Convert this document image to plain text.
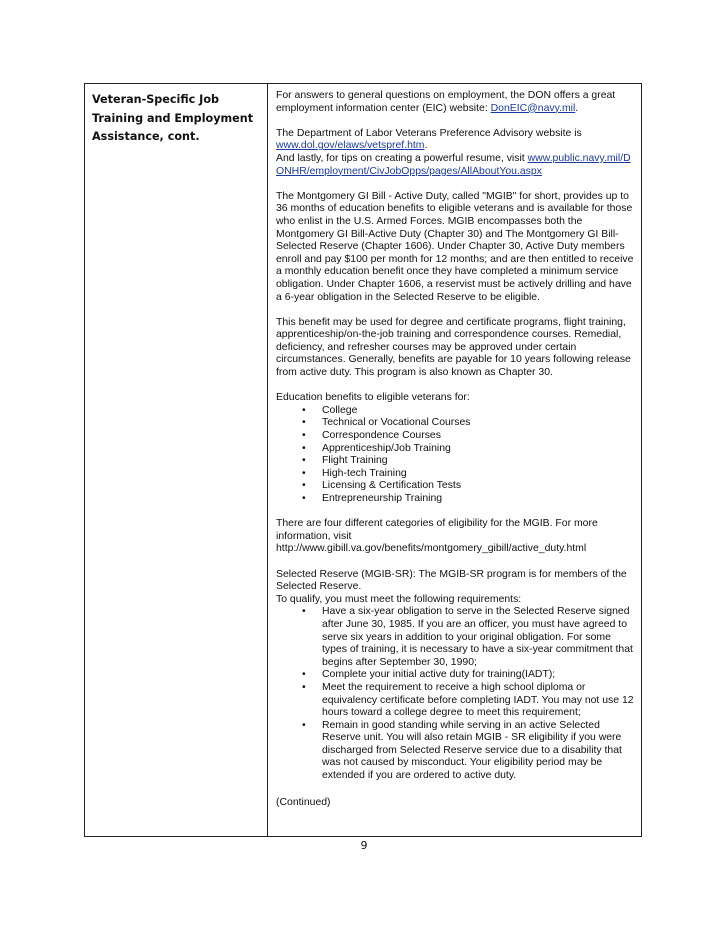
Veteran-Specific Job
Training and Employment
Assistance, cont.

For answers to general questions on employment, the DON offers a great employment information center (EIC) website: DonEIC@navy.mil.

The Department of Labor Veterans Preference Advisory website is www.dol.gov/elaws/vetspref.htm.

And lastly, for tips on creating a powerful resume, visit www.public.navy.mil/DONHR/employment/CivJobOpps/pages/AllAboutYou.aspx

The Montgomery GI Bill - Active Duty, called "MGIB" for short, provides up to 36 months of education benefits to eligible veterans and is available for those who enlist in the U.S. Armed Forces. MGIB encompasses both the Montgomery GI Bill-Active Duty (Chapter 30) and The Montgomery GI Bill-Selected Reserve (Chapter 1606). Under Chapter 30, Active Duty members enroll and pay $100 per month for 12 months; and are then entitled to receive a monthly education benefit once they have completed a minimum service obligation. Under Chapter 1606, a reservist must be actively drilling and have a 6-year obligation in the Selected Reserve to be eligible.

This benefit may be used for degree and certificate programs, flight training, apprenticeship/on-the-job training and correspondence courses. Remedial, deficiency, and refresher courses may be approved under certain circumstances. Generally, benefits are payable for 10 years following release from active duty. This program is also known as Chapter 30.

Education benefits to eligible veterans for:
• College
• Technical or Vocational Courses
• Correspondence Courses
• Apprenticeship/Job Training
• Flight Training
• High-tech Training
• Licensing & Certification Tests
• Entrepreneurship Training

There are four different categories of eligibility for the MGIB. For more information, visit http://www.gibill.va.gov/benefits/montgomery_gibill/active_duty.html

Selected Reserve (MGIB-SR): The MGIB-SR program is for members of the Selected Reserve.
To qualify, you must meet the following requirements:
• Have a six-year obligation to serve in the Selected Reserve signed after June 30, 1985. If you are an officer, you must have agreed to serve six years in addition to your original obligation. For some types of training, it is necessary to have a six-year commitment that begins after September 30, 1990;
• Complete your initial active duty for training(IADT);
• Meet the requirement to receive a high school diploma or equivalency certificate before completing IADT. You may not use 12 hours toward a college degree to meet this requirement;
• Remain in good standing while serving in an active Selected Reserve unit. You will also retain MGIB - SR eligibility if you were discharged from Selected Reserve service due to a disability that was not caused by misconduct. Your eligibility period may be extended if you are ordered to active duty.
(Continued)
9
